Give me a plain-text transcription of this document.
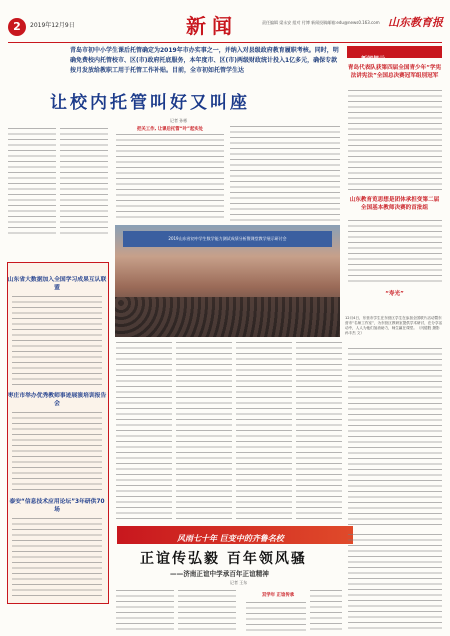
2	2019年12月9日	新闻	责任编辑 梁永安 组对 付博 新闻投稿邮箱:edu@news0.163.com 山东教育报
青岛市初中小学生课后托管确定为2019年市办实事之一，并纳入对县级政府教育履职考核。同时，明确免费校内托管校市、区(市)政府托底服务，本年度市、区(市)两级财政统计投入1亿多元，确保专款按月发放给教职工用于托管工作补贴。目前，全市初如托管学生达
让校内托管叫好又叫座
记者 孙彬
把关工作, 让课后托管“叶”起实处
新闻提示
青岛代表队获第四届全国青少年“学宪法讲宪法”全国总决赛冠军组别冠军
山东教育览思想是团体承担变第二届全国基本教师决赛的首批组
“寿光”
2019山东省初中学生数学能力测试成绩分析暨课堂教学展示研讨会
12月4日，东营市学生在东营区学生在参加全国联片活动暨东营市“名师工作室”，为东营区教研室提供学术研讨，在分享活动中，人人为他们加油助力，师生赢在课堂。（闫德胜 摄影 孙丰杰 文）
山东省大数据加入全国学习成果互认联盟
枣庄市举办优秀教师事迹展演培训报告会
泰安“信息技术应用论坛”3年研供70场
风雨七十年 巨变中的齐鲁名校
正谊传弘毅 百年领风骚
——济南正谊中学承百年正谊精神
记者 王东
双学年 正谊传承
